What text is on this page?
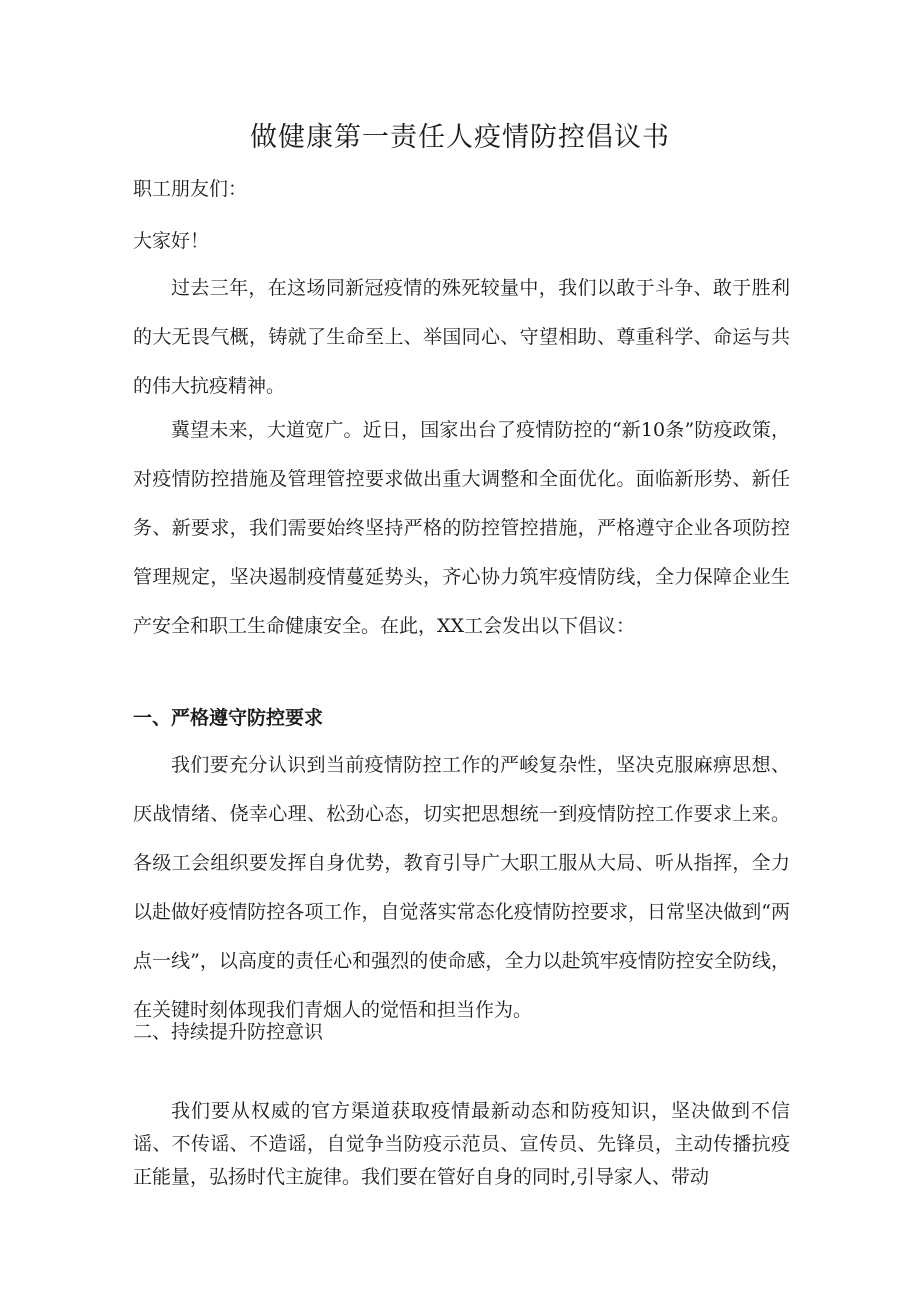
做健康第一责任人疫情防控倡议书

职工朋友们：

大家好！

过去三年，在这场同新冠疫情的殊死较量中，我们以敢于斗争、敢于胜利的大无畏气概，铸就了生命至上、举国同心、守望相助、尊重科学、命运与共的伟大抗疫精神。

冀望未来，大道宽广。近日，国家出台了疫情防控的“新10条”防疫政策，对疫情防控措施及管理管控要求做出重大调整和全面优化。面临新形势、新任务、新要求，我们需要始终坚持严格的防控管控措施，严格遵守企业各项防控管理规定，坚决遏制疫情蔓延势头，齐心协力筑牢疫情防线，全力保障企业生产安全和职工生命健康安全。在此，XX工会发出以下倡议：

一、严格遵守防控要求

我们要充分认识到当前疫情防控工作的严峻复杂性，坚决克服麻痹思想、厌战情绪、侥幸心理、松劲心态，切实把思想统一到疫情防控工作要求上来。各级工会组织要发挥自身优势，教育引导广大职工服从大局、听从指挥，全力以赴做好疫情防控各项工作，自觉落实常态化疫情防控要求，日常坚决做到“两点一线”，以高度的责任心和强烈的使命感，全力以赴筑牢疫情防控安全防线，在关键时刻体现我们青烟人的觉悟和担当作为。

二、持续提升防控意识

我们要从权威的官方渠道获取疫情最新动态和防疫知识，坚决做到不信谣、不传谣、不造谣，自觉争当防疫示范员、宣传员、先锋员，主动传播抗疫正能量，弘扬时代主旋律。我们要在管好自身的同时,引导家人、带动
